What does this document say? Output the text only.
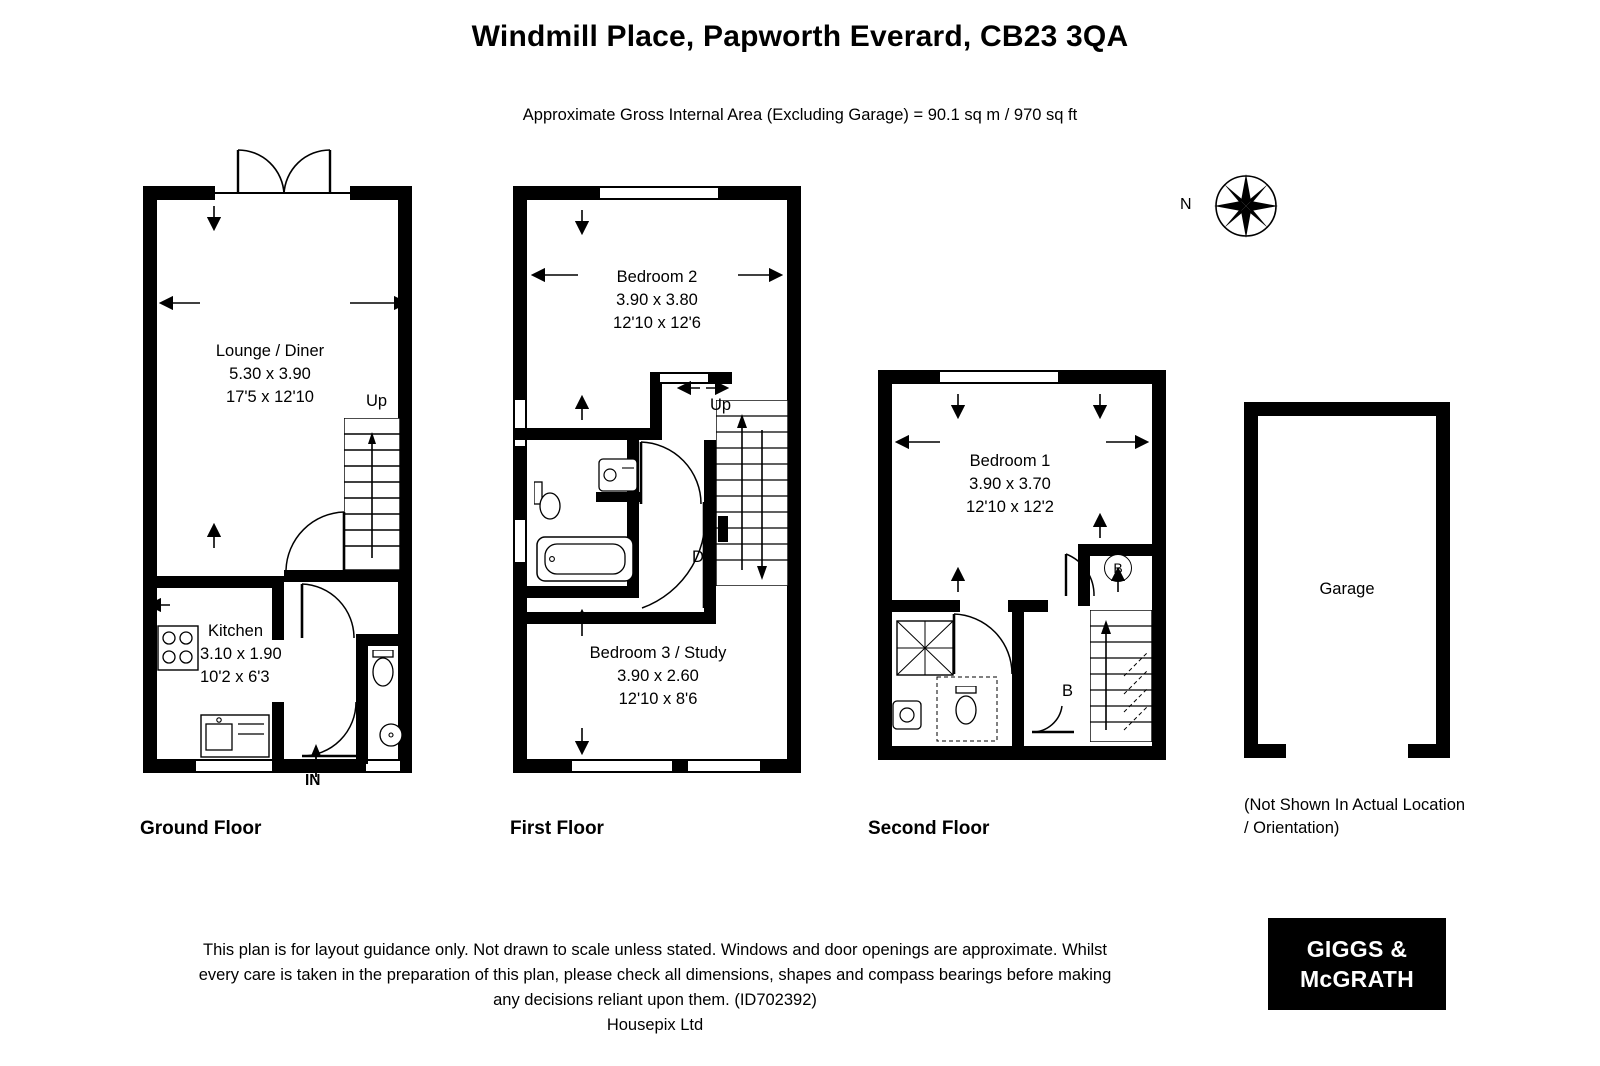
Windmill Place, Papworth Everard, CB23 3QA
Approximate Gross Internal Area (Excluding Garage) = 90.1 sq m / 970 sq ft
N
Up
Lounge / Diner
5.30 x 3.90
17'5 x 12'10
Kitchen
3.10 x 1.90
10'2 x 6'3
IN
Ground Floor
Up
Dn
Bedroom 2
3.90 x 3.80
12'10 x 12'6
Bedroom 3 / Study
3.90 x 2.60
12'10 x 8'6
First Floor
B
B
Bedroom 1
3.90 x 3.70
12'10 x 12'2
Second Floor
Garage
(Not Shown In Actual Location / Orientation)
This plan is for layout guidance only. Not drawn to scale unless stated. Windows and door openings are approximate. Whilst every care is taken in the preparation of this plan, please check all dimensions, shapes and compass bearings before making any decisions reliant upon them. (ID702392)
Housepix Ltd
GIGGS &
McGRATH
